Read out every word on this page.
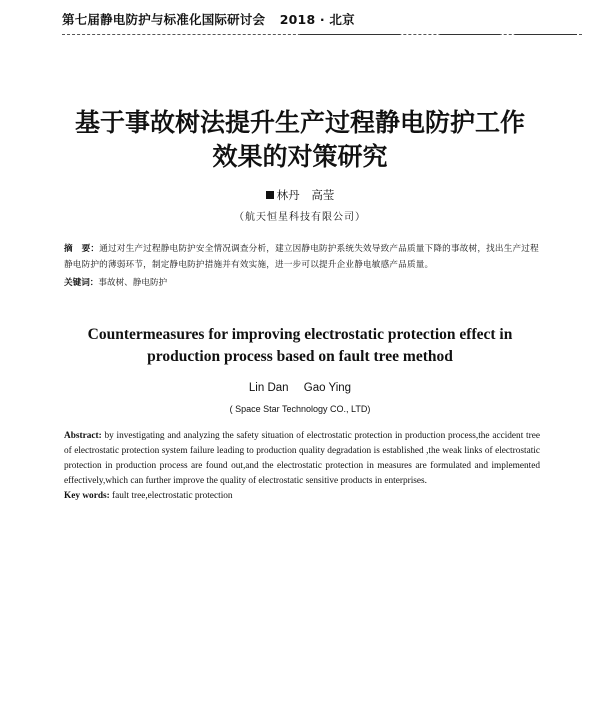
第七届静电防护与标准化国际研讨会 2018 · 北京
基于事故树法提升生产过程静电防护工作
效果的对策研究
林丹 高莹
（航天恒星科技有限公司）
摘　要：通过对生产过程静电防护安全情况调查分析，建立因静电防护系统失效导致产品质量下降的事故树，找出生产过程静电防护的薄弱环节，制定静电防护措施并有效实施，进一步可以提升企业静电敏感产品质量。
关键词：事故树、静电防护
Countermeasures for improving electrostatic protection effect in
production process based on fault tree method
Lin Dan Gao Ying
( Space Star Technology CO., LTD)
Abstract: by investigating and analyzing the safety situation of electrostatic protection in production process,the accident tree of electrostatic protection system failure leading to production quality degradation is established ,the weak links of electrostatic protection in production process are found out,and the electrostatic protection in measures are formulated and implemented effectively,which can further improve the quality of electrostatic sensitive products in enterprises.
Key words: fault tree,electrostatic protection
